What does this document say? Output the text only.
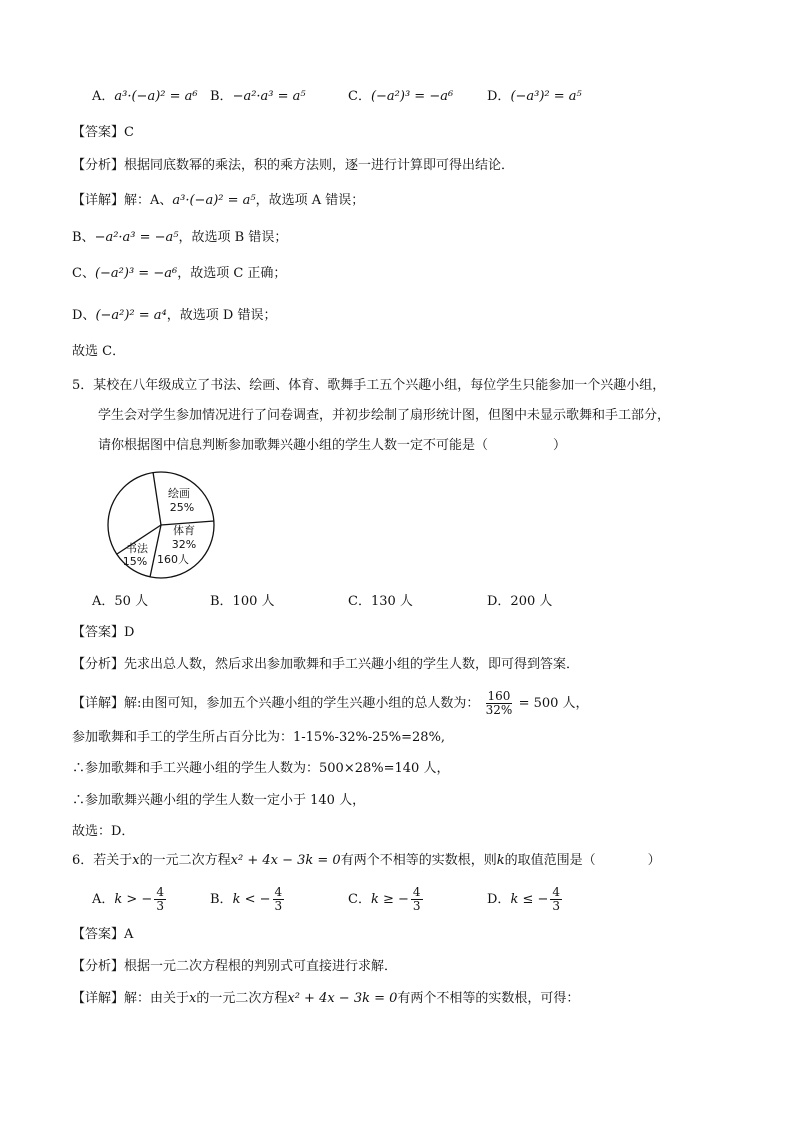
A．a³·(−a)² = a⁶ B．−a²·a³ = a⁵	C．(−a²)³ = −a⁶	D．(−a³)² = a⁵
【答案】C
【分析】根据同底数幂的乘法，积的乘方法则，逐一进行计算即可得出结论．
【详解】解：A、a³·(−a)² = a⁵，故选项 A 错误；
B、−a²·a³ = −a⁵，故选项 B 错误；
C、(−a²)³ = −a⁶，故选项 C 正确；
D、(−a²)² = a⁴，故选项 D 错误；
故选 C．
5．某校在八年级成立了书法、绘画、体育、歌舞手工五个兴趣小组，每位学生只能参加一个兴趣小组，
学生会对学生参加情况进行了问卷调查，并初步绘制了扇形统计图，但图中未显示歌舞和手工部分，
请你根据图中信息判断参加歌舞兴趣小组的学生人数一定不可能是（　　　　　）
绘画
25%
体育
32%
160人
书法
15%
A．50 人	B．100 人	C．130 人	D．200 人
【答案】D
【分析】先求出总人数，然后求出参加歌舞和手工兴趣小组的学生人数，即可得到答案．
【详解】解:由图可知，参加五个兴趣小组的学生兴趣小组的总人数为： $\frac{160}{32\%} = 500$ 人，
参加歌舞和手工的学生所占百分比为：1-15%-32%-25%=28%,
∴参加歌舞和手工兴趣小组的学生人数为：500×28%=140 人，
∴参加歌舞兴趣小组的学生人数一定小于 140 人，
故选：D．
6．若关于x的一元二次方程x² + 4x − 3k = 0有两个不相等的实数根，则k的取值范围是（　　　　）
A．k > − $\frac{4}{3}$	B．k < − $\frac{4}{3}$	C．k ≥ − $\frac{4}{3}$	D．k ≤ − $\frac{4}{3}$
【答案】A
【分析】根据一元二次方程根的判别式可直接进行求解．
【详解】解：由关于x的一元二次方程x² + 4x − 3k = 0有两个不相等的实数根，可得：
